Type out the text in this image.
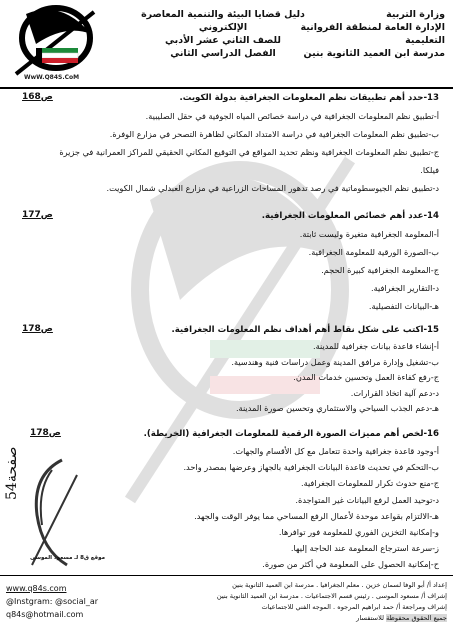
WwW.Q84S.CoM
وزارة التربية
الإدارة العامة لمنطقة الفروانية التعليمية
مدرسة ابن العميد الثانوية بنين
دليل قضايا البيئة والتنمية المعاصرة الإلكتروني
للصف الثاني عشر الأدبي
الفصل الدراسي الثاني
13-حدد أهم تطبيقات نظم المعلومات الجغرافية بدولة الكويت.
ص168
أ-تطبيق نظم المعلومات الجغرافية في دراسة خصائص المياه الجوفية في حقل الصليبية.
ب-تطبيق نظم المعلومات الجغرافية في دراسة الامتداد المكاني لظاهرة التصحر في مزارع الوفرة.
ج-تطبيق نظم المعلومات الجغرافية ونظم تحديد المواقع في التوقيع المكاني الحقيقي للمراكز العمرانية في جزيرة
فيلكا.
د-تطبيق نظم الجيوسطوماتية في رصد تدهور المساحات الزراعية في مزارع العبدلي شمال الكويت.
14-عدد أهم خصائص المعلومات الجغرافية.
ص177
أ-المعلومة الجغرافية متغيرة وليست ثابتة.
ب-الصورة الورقية للمعلومة الجغرافية.
ج-المعلومة الجغرافية كبيرة الحجم.
د-التقارير الجغرافية.
هـ-البيانات التفصيلية.
15-اكتب على شكل نقاط أهم أهداف نظم المعلومات الجغرافية.
ص178
أ-إنشاء قاعدة بيانات جغرافية للمدينة.
ب-تشغيل وإدارة مرافق المدينة وعمل دراسات فنية وهندسية.
ج-رفع كفاءة العمل وتحسين خدمات المدن.
د-دعم آلية اتخاذ القرارات.
هـ-دعم الجذب السياحي والاستثماري وتحسين صورة المدينة.
16-لخص أهم مميزات الصورة الرقمية للمعلومات الجغرافية (الخريطة).
ص178
أ-وجود قاعدة جغرافية واحدة تتعامل مع كل الأقسام والجهات.
ب-التحكم في تحديث قاعدة البيانات الجغرافية بالجهاز وعرضها بمصدر واحد.
ج-منع حدوث تكرار للمعلومات الجغرافية.
د-توحيد العمل لرفع البيانات غير المتواجدة.
هـ-الالتزام بقواعد موحدة لأعمال الرفع المساحي مما يوفر الوقت والجهد.
و-إمكانية التخزين الفوري للمعلومة فور توافرها.
ز-سرعة استرجاع المعلومة عند الحاجة إليها.
ح-إمكانية الحصول على المعلومة في أكثر من صورة.
صفحة54
موقع ق8 لـ مسعود الموسى
www.q84s.com
@Instgram: @social_ar
q84s@hotmail.com
إعداد أ/ أبو الوفا لسمان خزين . معلم الجغرافيا . مدرسة ابن العميد الثانوية بنين
إشراف أ/ مسعود الموسى . رئيس قسم الاجتماعيات . مدرسة ابن العميد الثانوية بنين
إشراف ومراجعة أ/ حمد ابراهيم المرجوه . الموجه الفني للاجتماعيات
جميع الحقوق محفوظة للاستفسار
